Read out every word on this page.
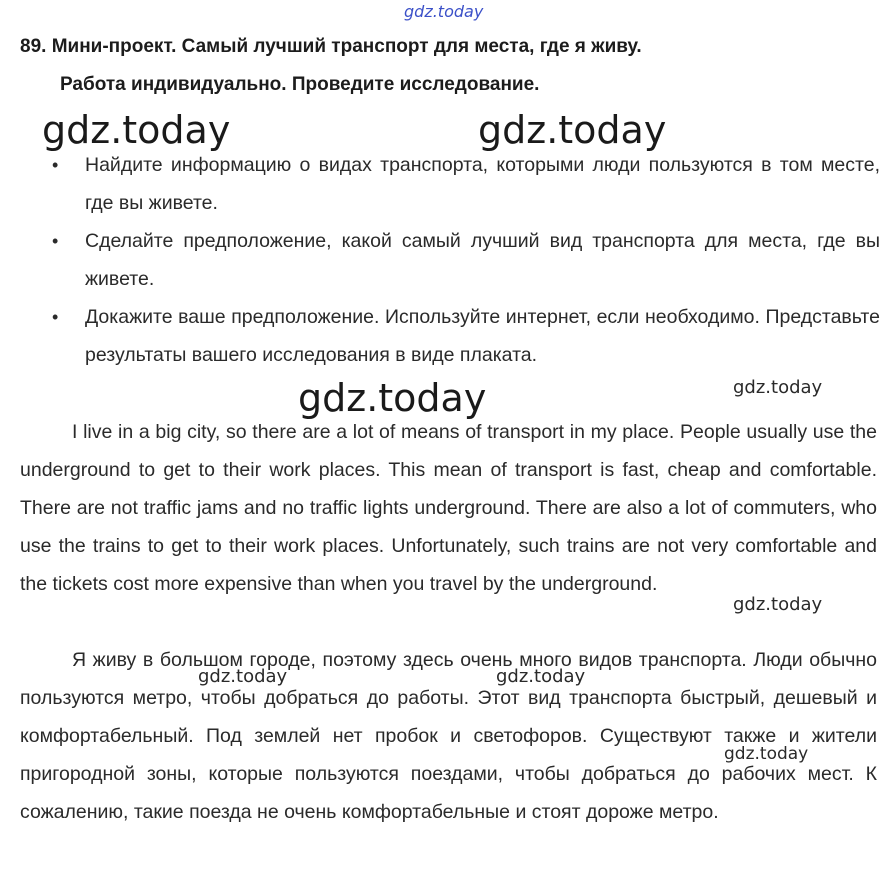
gdz.today
89. Мини-проект. Самый лучший транспорт для места, где я живу.
Работа индивидуально. Проведите исследование.
gdz.today	gdz.today
• Найдите информацию о видах транспорта, которыми люди пользуются в том месте, где вы живете.
• Сделайте предположение, какой самый лучший вид транспорта для места, где вы живете.
• Докажите ваше предположение. Используйте интернет, если необходимо. Представьте результаты вашего исследования в виде плаката.
gdz.today	gdz.today
I live in a big city, so there are a lot of means of transport in my place. People usually use the underground to get to their work places. This mean of transport is fast, cheap and comfortable. There are not traffic jams and no traffic lights underground. There are also a lot of commuters, who use the trains to get to their work places. Unfortunately, such trains are not very comfortable and the tickets cost more expensive than when you travel by the underground.
gdz.today
Я живу в большом городе, поэтому здесь очень много видов транспорта. Люди обычно пользуются метро, чтобы добраться до работы. Этот вид транспорта быстрый, дешевый и комфортабельный. Под землей нет пробок и светофоров. Существуют также и жители пригородной зоны, которые пользуются поездами, чтобы добраться до рабочих мест. К сожалению, такие поезда не очень комфортабельные и стоят дороже метро.
gdz.today	gdz.today
gdz.today
